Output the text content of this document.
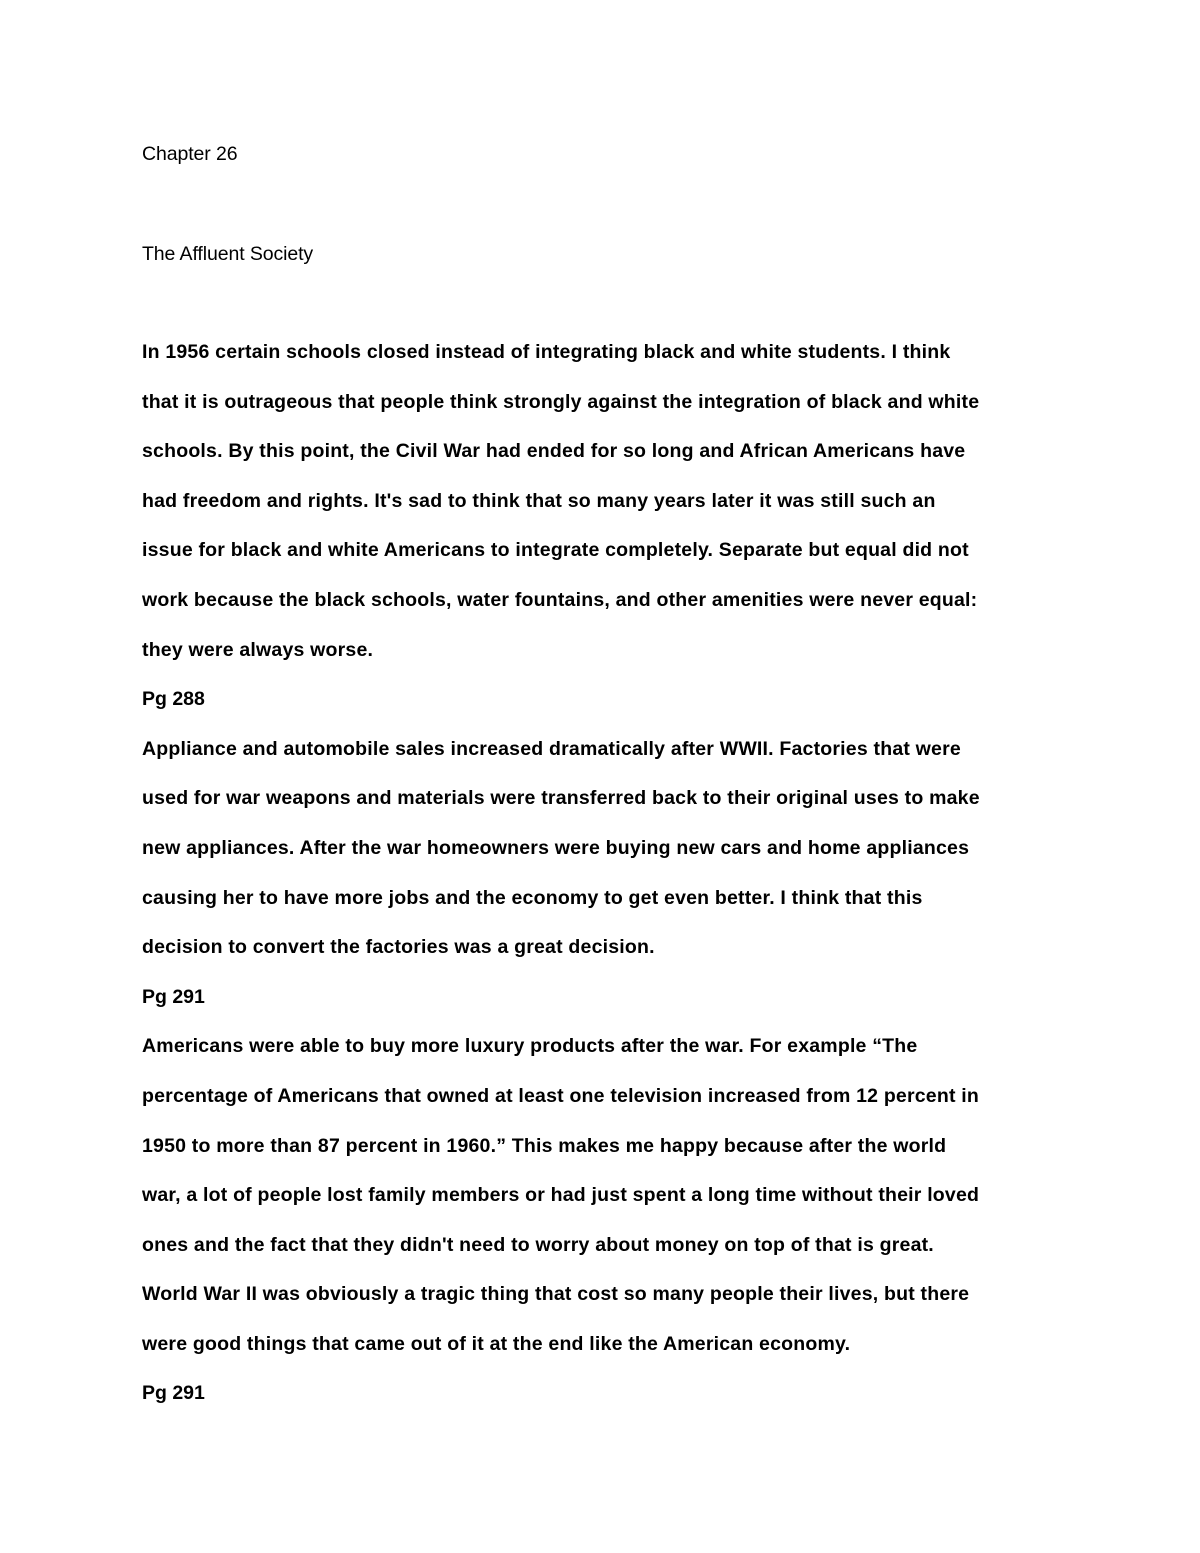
Chapter 26

The Affluent Society

In 1956 certain schools closed instead of integrating black and white students. I think
that it is outrageous that people think strongly against the integration of black and white
schools. By this point, the Civil War had ended for so long and African Americans have
had freedom and rights. It's sad to think that so many years later it was still such an
issue for black and white Americans to integrate completely. Separate but equal did not
work because the black schools, water fountains, and other amenities were never equal:
they were always worse.

Pg 288

Appliance and automobile sales increased dramatically after WWII. Factories that were
used for war weapons and materials were transferred back to their original uses to make
new appliances. After the war homeowners were buying new cars and home appliances
causing her to have more jobs and the economy to get even better. I think that this
decision to convert the factories was a great decision.

Pg 291

Americans were able to buy more luxury products after the war. For example “The
percentage of Americans that owned at least one television increased from 12 percent in
1950 to more than 87 percent in 1960.” This makes me happy because after the world
war, a lot of people lost family members or had just spent a long time without their loved
ones and the fact that they didn't need to worry about money on top of that is great.
World War II was obviously a tragic thing that cost so many people their lives, but there
were good things that came out of it at the end like the American economy.

Pg 291
